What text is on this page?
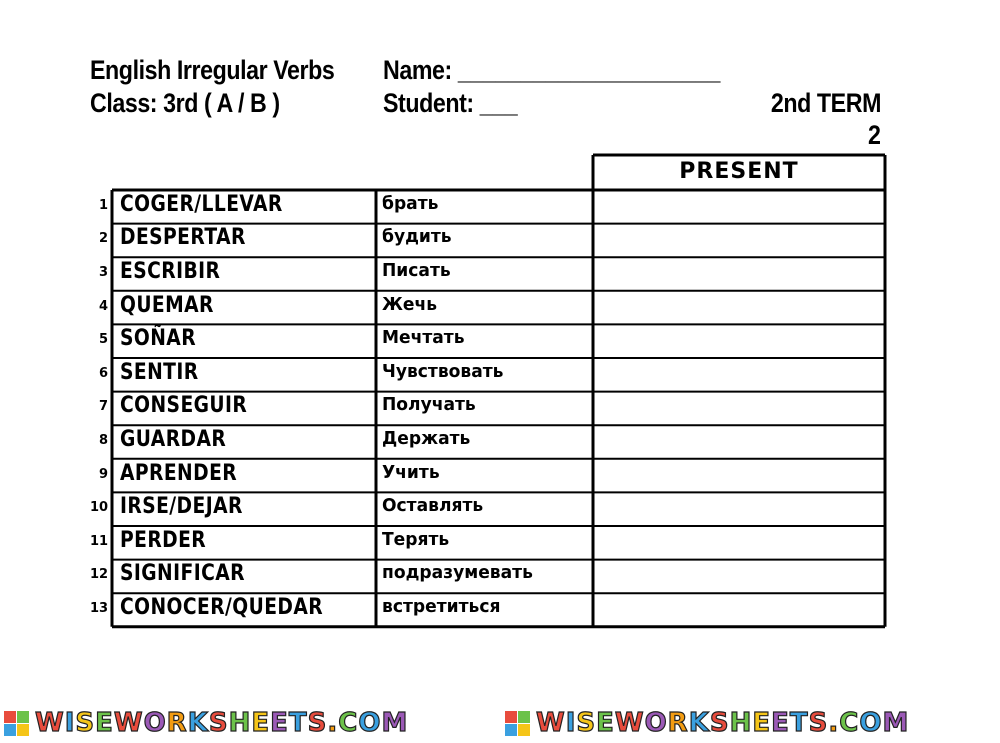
English Irregular Verbs
Class: 3rd ( A / B )
Name: _____________________
Student: ___	2nd TERM
2
PRESENT
1 COGER/LLEVAR	брать
2 DESPERTAR	будить
3 ESCRIBIR	Писать
4 QUEMAR	Жечь
5 SOÑAR	Мечтать
6 SENTIR	Чувствовать
7 CONSEGUIR	Получать
8 GUARDAR	Держать
9 APRENDER	Учить
10 IRSE/DEJAR	Оставлять
11 PERDER	Терять
12 SIGNIFICAR	подразумевать
13 CONOCER/QUEDAR	встретиться
WISEWORKSHEETS.COM	WISEWORKSHEETS.COM
